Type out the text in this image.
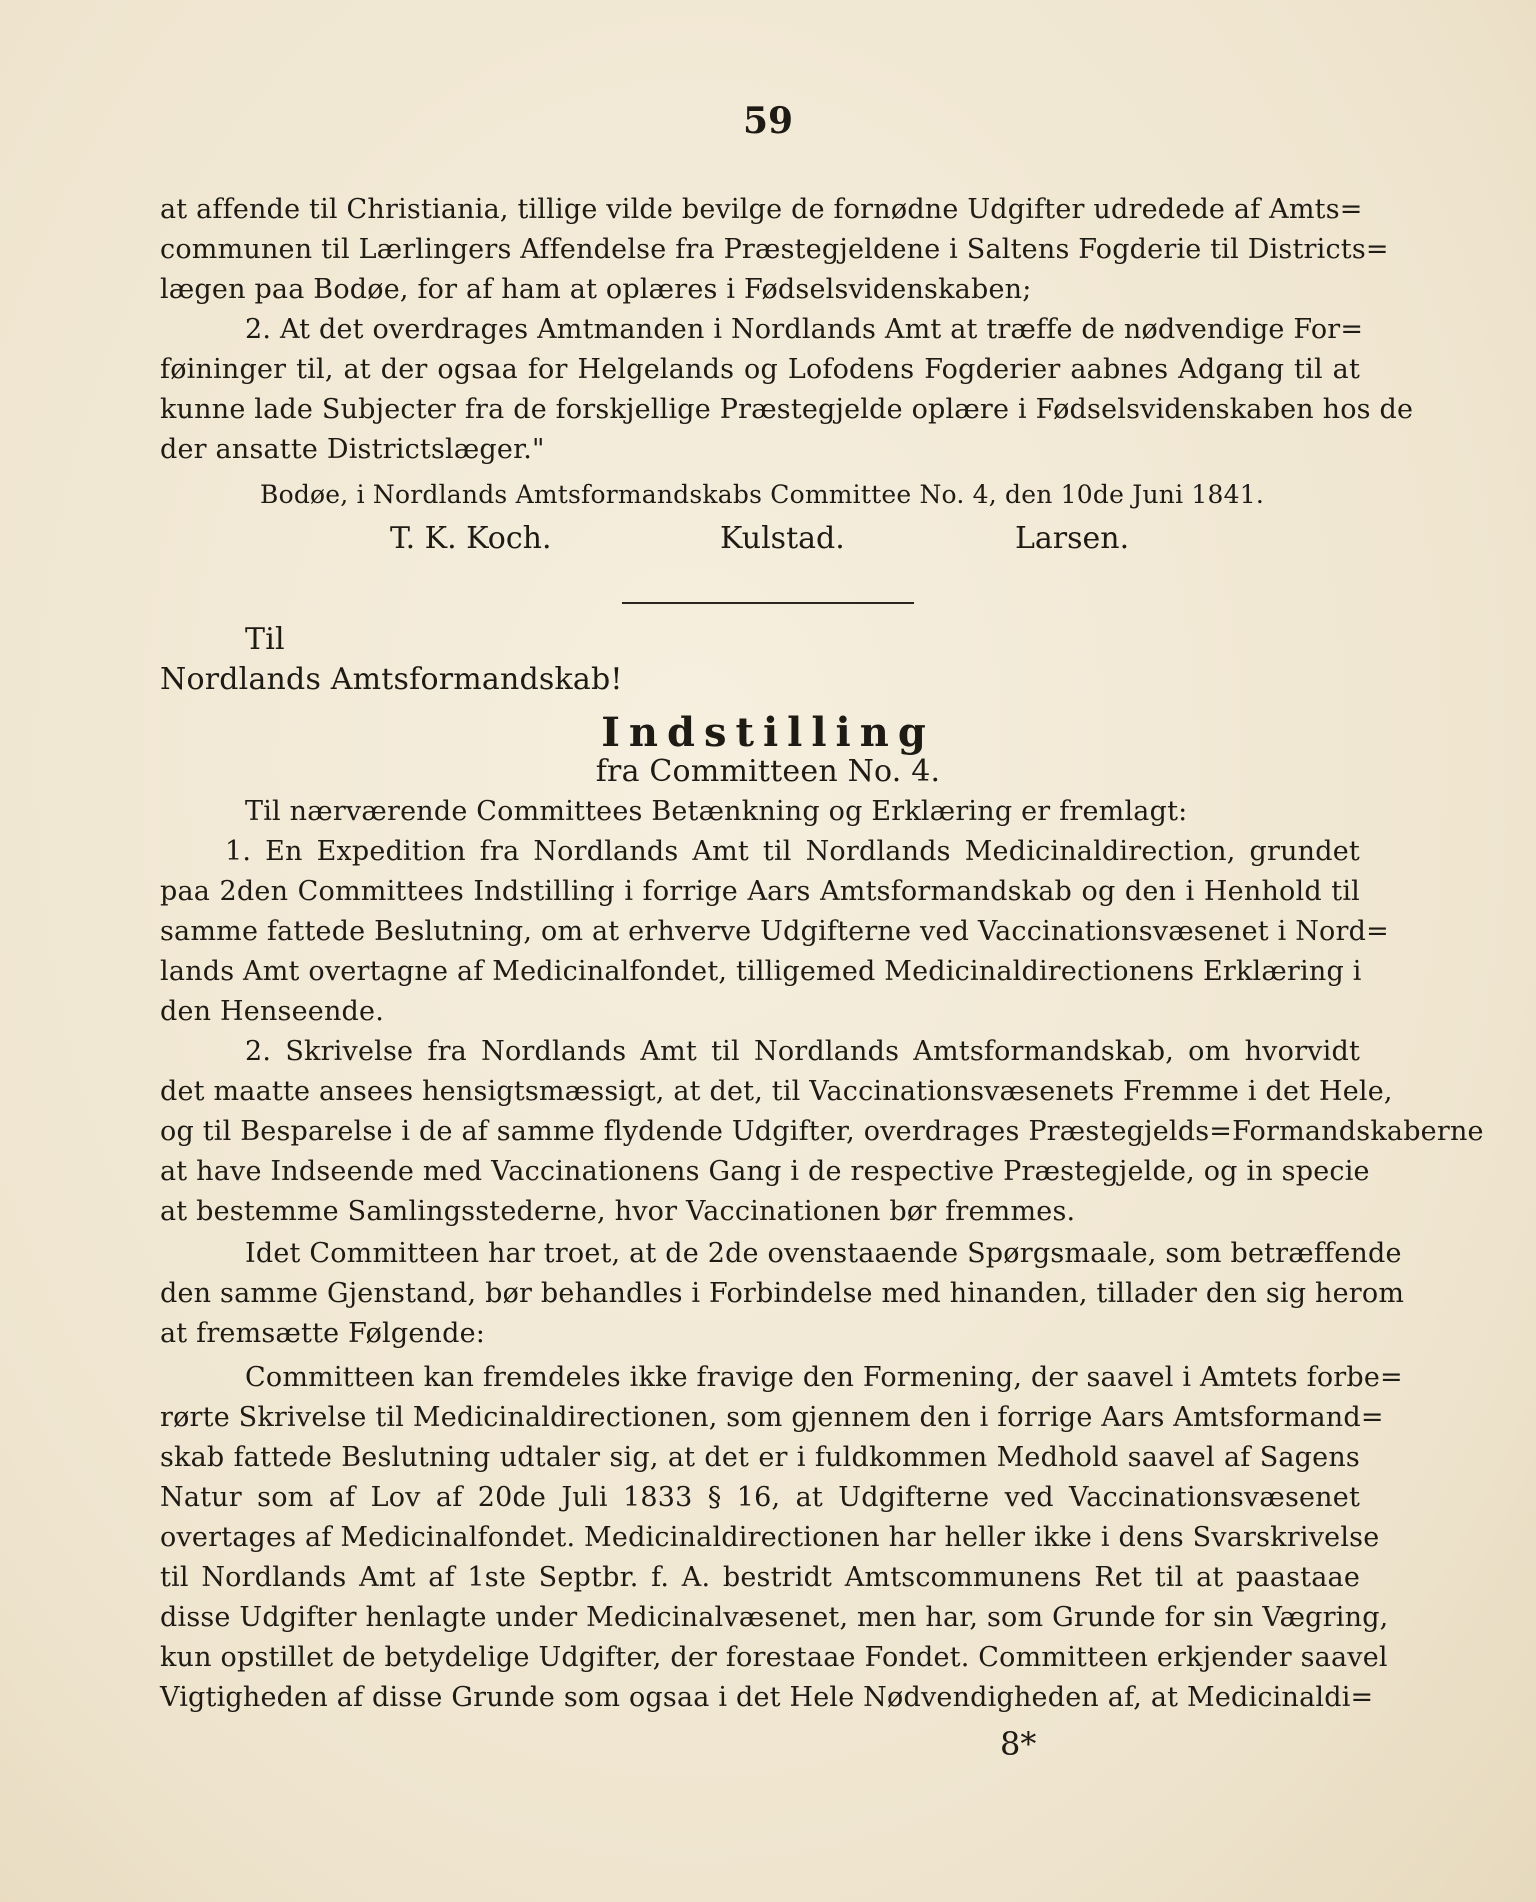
59
at affende til Christiania, tillige vilde bevilge de fornødne Udgifter udredede af Amts=
communen til Lærlingers Affendelse fra Præstegjeldene i Saltens Fogderie til Districts=
lægen paa Bodøe, for af ham at oplæres i Fødselsvidenskaben;
2. At det overdrages Amtmanden i Nordlands Amt at træffe de nødvendige For=
føininger til, at der ogsaa for Helgelands og Lofodens Fogderier aabnes Adgang til at
kunne lade Subjecter fra de forskjellige Præstegjelde oplære i Fødselsvidenskaben hos de
der ansatte Districtslæger."
Bodøe, i Nordlands Amtsformandskabs Committee No. 4, den 10de Juni 1841.
T. K. Koch.	Kulstad.	Larsen.
Til
Nordlands Amtsformandskab!
Indstilling
fra Committeen No. 4.
Til nærværende Committees Betænkning og Erklæring er fremlagt:
1. En Expedition fra Nordlands Amt til Nordlands Medicinaldirection, grundet
paa 2den Committees Indstilling i forrige Aars Amtsformandskab og den i Henhold til
samme fattede Beslutning, om at erhverve Udgifterne ved Vaccinationsvæsenet i Nord=
lands Amt overtagne af Medicinalfondet, tilligemed Medicinaldirectionens Erklæring i
den Henseende.
2. Skrivelse fra Nordlands Amt til Nordlands Amtsformandskab, om hvorvidt
det maatte ansees hensigtsmæssigt, at det, til Vaccinationsvæsenets Fremme i det Hele,
og til Besparelse i de af samme flydende Udgifter, overdrages Præstegjelds=Formandskaberne
at have Indseende med Vaccinationens Gang i de respective Præstegjelde, og in specie
at bestemme Samlingsstederne, hvor Vaccinationen bør fremmes.
Idet Committeen har troet, at de 2de ovenstaaende Spørgsmaale, som betræffende
den samme Gjenstand, bør behandles i Forbindelse med hinanden, tillader den sig herom
at fremsætte Følgende:
Committeen kan fremdeles ikke fravige den Formening, der saavel i Amtets forbe=
rørte Skrivelse til Medicinaldirectionen, som gjennem den i forrige Aars Amtsformand=
skab fattede Beslutning udtaler sig, at det er i fuldkommen Medhold saavel af Sagens
Natur som af Lov af 20de Juli 1833 § 16, at Udgifterne ved Vaccinationsvæsenet
overtages af Medicinalfondet. Medicinaldirectionen har heller ikke i dens Svarskrivelse
til Nordlands Amt af 1ste Septbr. f. A. bestridt Amtscommunens Ret til at paastaae
disse Udgifter henlagte under Medicinalvæsenet, men har, som Grunde for sin Vægring,
kun opstillet de betydelige Udgifter, der forestaae Fondet. Committeen erkjender saavel
Vigtigheden af disse Grunde som ogsaa i det Hele Nødvendigheden af, at Medicinaldi=
8*
